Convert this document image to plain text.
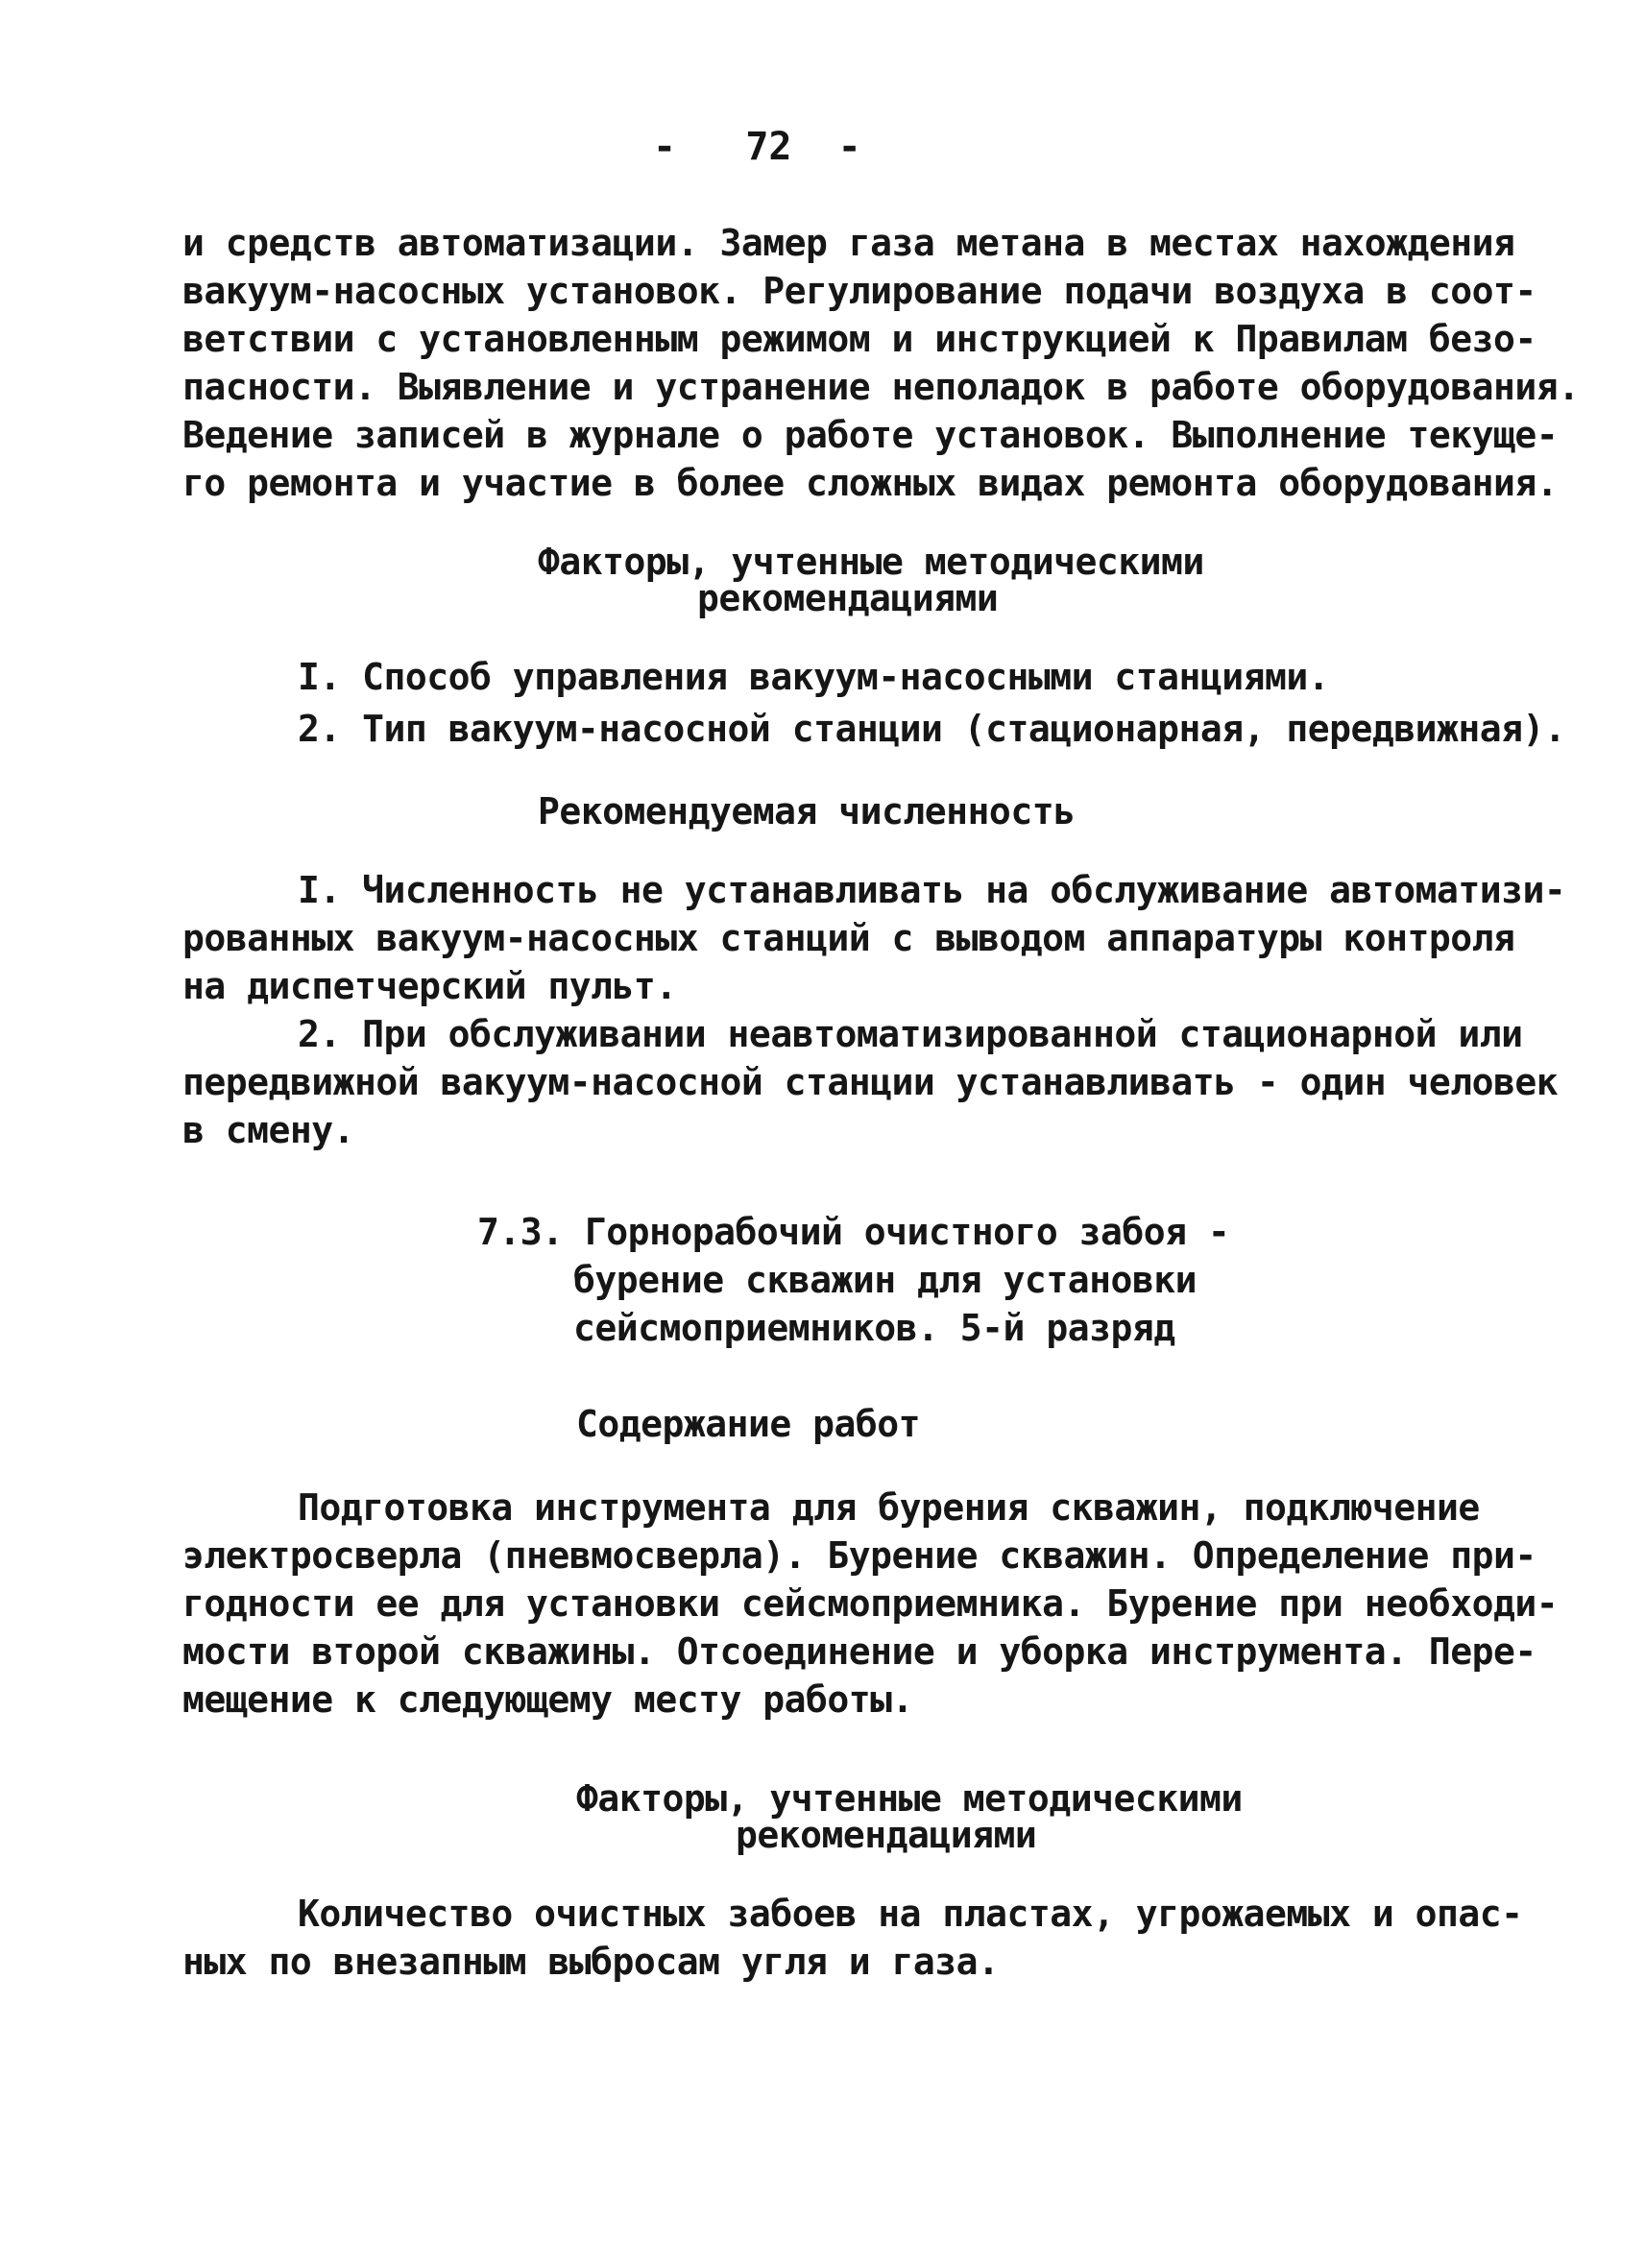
-   72  -

и средств автоматизации. Замер газа метана в местах нахождения

вакуум-насосных установок. Регулирование подачи воздуха в соот-

ветствии с установленным режимом и инструкцией к Правилам безо-

пасности. Выявление и устранение неполадок в работе оборудования.

Ведение записей в журнале о работе установок. Выполнение текуще-

го ремонта и участие в более сложных видах ремонта оборудования.

Факторы, учтенные методическими

рекомендациями

I. Способ управления вакуум-насосными станциями.

2. Тип вакуум-насосной станции (стационарная, передвижная).

Рекомендуемая численность

I. Численность не устанавливать на обслуживание автоматизи-

рованных вакуум-насосных станций с выводом аппаратуры контроля

на диспетчерский пульт.

2. При обслуживании неавтоматизированной стационарной или

передвижной вакуум-насосной станции устанавливать - один человек

в смену.

7.3. Горнорабочий очистного забоя -

бурение скважин для установки

сейсмоприемников. 5-й разряд

Содержание работ

Подготовка инструмента для бурения скважин, подключение

электросверла (пневмосверла). Бурение скважин. Определение при-

годности ее для установки сейсмоприемника. Бурение при необходи-

мости второй скважины. Отсоединение и уборка инструмента. Пере-

мещение к следующему месту работы.

Факторы, учтенные методическими

рекомендациями

Количество очистных забоев на пластах, угрожаемых и опас-

ных по внезапным выбросам угля и газа.
